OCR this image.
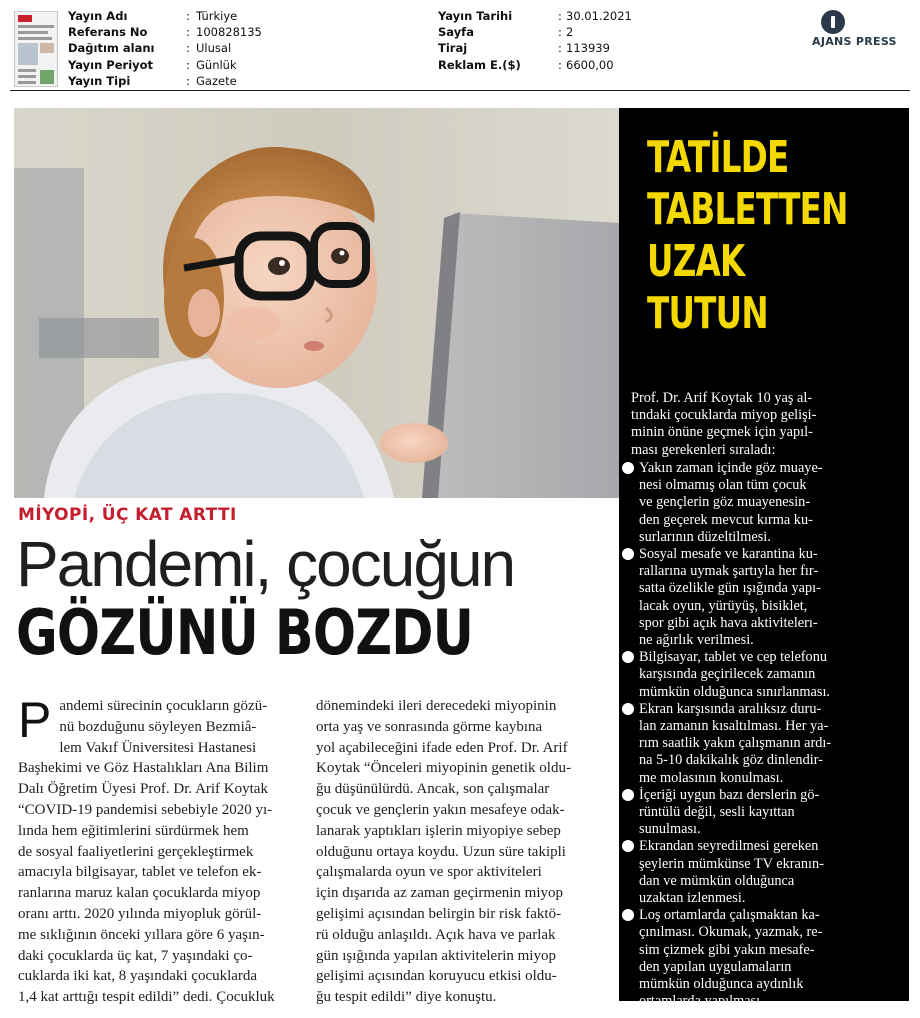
Yayın Adı	: Türkiye
Referans No	: 100828135
Dağıtım alanı	: Ulusal
Yayın Periyot	: Günlük
Yayın Tipi	: Gazete
Yayın Tarihi	: 30.01.2021
Sayfa	: 2
Tiraj	: 113939
Reklam E.($)	: 6600,00
AJANS PRESS
MİYOPİ, ÜÇ KAT ARTTI
Pandemi, çocuğun
GÖZÜNÜ BOZDU
P andemi sürecinin çocukların gözü-
nü bozduğunu söyleyen Bezmiâ-
lem Vakıf Üniversitesi Hastanesi
Başhekimi ve Göz Hastalıkları Ana Bilim
Dalı Öğretim Üyesi Prof. Dr. Arif Koytak
“COVID-19 pandemisi sebebiyle 2020 yı-
lında hem eğitimlerini sürdürmek hem
de sosyal faaliyetlerini gerçekleştirmek
amacıyla bilgisayar, tablet ve telefon ek-
ranlarına maruz kalan çocuklarda miyop
oranı arttı. 2020 yılında miyopluk görül-
me sıklığının önceki yıllara göre 6 yaşın-
daki çocuklarda üç kat, 7 yaşındaki ço-
cuklarda iki kat, 8 yaşındaki çocuklarda
1,4 kat arttığı tespit edildi” dedi. Çocukluk
dönemindeki ileri derecedeki miyopinin
orta yaş ve sonrasında görme kaybına
yol açabileceğini ifade eden Prof. Dr. Arif
Koytak “Önceleri miyopinin genetik oldu-
ğu düşünülürdü. Ancak, son çalışmalar
çocuk ve gençlerin yakın mesafeye odak-
lanarak yaptıkları işlerin miyopiye sebep
olduğunu ortaya koydu. Uzun süre takipli
çalışmalarda oyun ve spor aktiviteleri
için dışarıda az zaman geçirmenin miyop
gelişimi açısından belirgin bir risk faktö-
rü olduğu anlaşıldı. Açık hava ve parlak
gün ışığında yapılan aktivitelerin miyop
gelişimi açısından koruyucu etkisi oldu-
ğu tespit edildi” diye konuştu.
TATİLDE
TABLETTEN
UZAK TUTUN
Prof. Dr. Arif Koytak 10 yaş al-
tındaki çocuklarda miyop gelişi-
minin önüne geçmek için yapıl-
ması gerekenleri sıraladı:
Yakın zaman içinde göz muaye-
nesi olmamış olan tüm çocuk
ve gençlerin göz muayenesin-
den geçerek mevcut kırma ku-
surlarının düzeltilmesi.
Sosyal mesafe ve karantina ku-
rallarına uymak şartıyla her fır-
satta özelikle gün ışığında yapı-
lacak oyun, yürüyüş, bisiklet,
spor gibi açık hava aktivitelerı-
ne ağırlık verilmesi.
Bilgisayar, tablet ve cep telefonu
karşısında geçirilecek zamanın
mümkün olduğunca sınırlanması.
Ekran karşısında aralıksız duru-
lan zamanın kısaltılması. Her ya-
rım saatlik yakın çalışmanın ardı-
na 5-10 dakikalık göz dinlendir-
me molasının konulması.
İçeriği uygun bazı derslerin gö-
rüntülü değil, sesli kayıttan
sunulması.
Ekrandan seyredilmesi gereken
şeylerin mümkünse TV ekranın-
dan ve mümkün olduğunca
uzaktan izlenmesi.
Loş ortamlarda çalışmaktan ka-
çınılması. Okumak, yazmak, re-
sim çizmek gibi yakın mesafe-
den yapılan uygulamaların
mümkün olduğunca aydınlık
ortamlarda yapılması.
